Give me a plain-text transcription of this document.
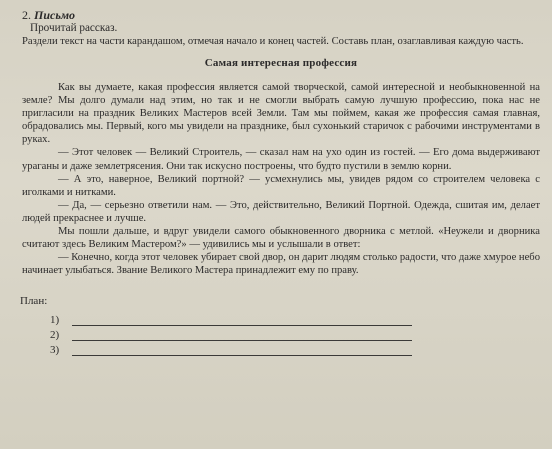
2. Письмо
Прочитай рассказ.
Раздели текст на части карандашом, отмечая начало и конец частей. Составь план, озаглавливая каждую часть.
Самая интересная профессия

Как вы думаете, какая профессия является самой творческой, самой интересной и необыкновенной на земле? Мы долго думали над этим, но так и не смогли выбрать самую лучшую профессию, пока нас не пригласили на праздник Великих Мастеров всей Земли. Там мы поймем, какая же профессия самая главная, обрадовались мы. Первый, кого мы увидели на празднике, был сухонький старичок с рабочими инструментами в руках.

— Этот человек — Великий Строитель, — сказал нам на ухо один из гостей. — Его дома выдерживают ураганы и даже землетрясения. Они так искусно построены, что будто пустили в землю корни.

— А это, наверное, Великий портной? — усмехнулись мы, увидев рядом со строителем человека с иголками и нитками.

— Да, — серьезно ответили нам. — Это, действительно, Великий Портной. Одежда, сшитая им, делает людей прекраснее и лучше.

Мы пошли дальше, и вдруг увидели самого обыкновенного дворника с метлой. «Неужели и дворника считают здесь Великим Мастером?» — удивились мы и услышали в ответ:

— Конечно, когда этот человек убирает свой двор, он дарит людям столько радости, что даже хмурое небо начинает улыбаться. Звание Великого Мастера принадлежит ему по праву.

План:
1)
2)
3)
